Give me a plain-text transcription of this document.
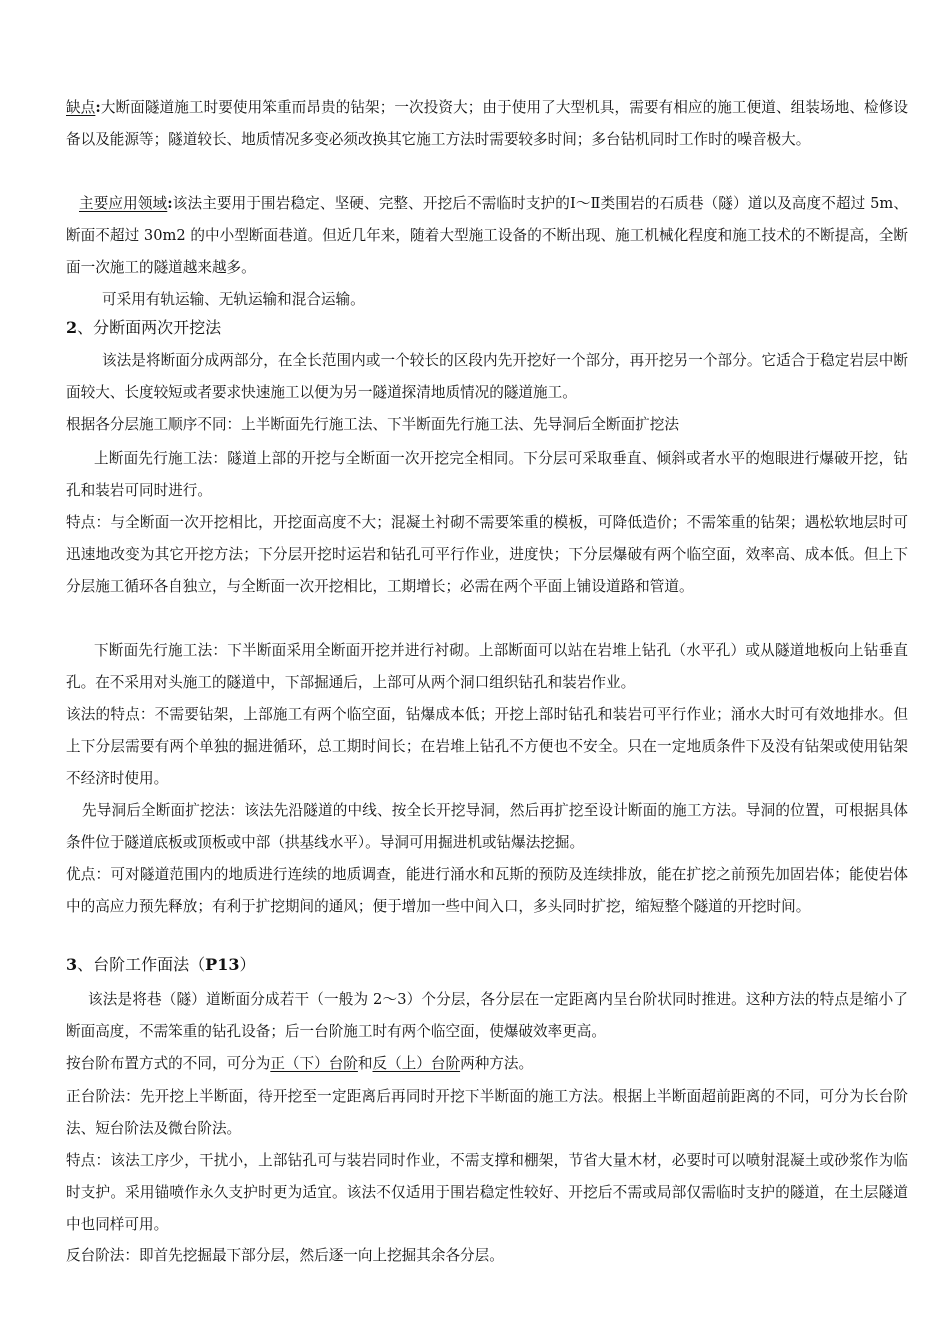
缺点:大断面隧道施工时要使用笨重而昂贵的钻架；一次投资大；由于使用了大型机具，需要有相应的施工便道、组装场地、检修设备以及能源等；隧道较长、地质情况多变必须改换其它施工方法时需要较多时间；多台钻机同时工作时的噪音极大。

主要应用领域:该法主要用于围岩稳定、坚硬、完整、开挖后不需临时支护的Ⅰ～Ⅱ类围岩的石质巷（隧）道以及高度不超过 5m、断面不超过 30m2 的中小型断面巷道。但近几年来，随着大型施工设备的不断出现、施工机械化程度和施工技术的不断提高，全断面一次施工的隧道越来越多。

可采用有轨运输、无轨运输和混合运输。

2、分断面两次开挖法

该法是将断面分成两部分，在全长范围内或一个较长的区段内先开挖好一个部分，再开挖另一个部分。它适合于稳定岩层中断面较大、长度较短或者要求快速施工以便为另一隧道探清地质情况的隧道施工。

根据各分层施工顺序不同：上半断面先行施工法、下半断面先行施工法、先导洞后全断面扩挖法

上断面先行施工法：隧道上部的开挖与全断面一次开挖完全相同。下分层可采取垂直、倾斜或者水平的炮眼进行爆破开挖，钻孔和装岩可同时进行。

特点：与全断面一次开挖相比，开挖面高度不大；混凝土衬砌不需要笨重的模板，可降低造价；不需笨重的钻架；遇松软地层时可迅速地改变为其它开挖方法；下分层开挖时运岩和钻孔可平行作业，进度快；下分层爆破有两个临空面，效率高、成本低。但上下分层施工循环各自独立，与全断面一次开挖相比，工期增长；必需在两个平面上铺设道路和管道。

下断面先行施工法：下半断面采用全断面开挖并进行衬砌。上部断面可以站在岩堆上钻孔（水平孔）或从隧道地板向上钻垂直孔。在不采用对头施工的隧道中，下部掘通后，上部可从两个洞口组织钻孔和装岩作业。

该法的特点：不需要钻架，上部施工有两个临空面，钻爆成本低；开挖上部时钻孔和装岩可平行作业；涌水大时可有效地排水。但上下分层需要有两个单独的掘进循环，总工期时间长；在岩堆上钻孔不方便也不安全。只在一定地质条件下及没有钻架或使用钻架不经济时使用。

先导洞后全断面扩挖法：该法先沿隧道的中线、按全长开挖导洞，然后再扩挖至设计断面的施工方法。导洞的位置，可根据具体条件位于隧道底板或顶板或中部（拱基线水平）。导洞可用掘进机或钻爆法挖掘。

优点：可对隧道范围内的地质进行连续的地质调查，能进行涌水和瓦斯的预防及连续排放，能在扩挖之前预先加固岩体；能使岩体中的高应力预先释放；有利于扩挖期间的通风；便于增加一些中间入口，多头同时扩挖，缩短整个隧道的开挖时间。

3、台阶工作面法（P13）

该法是将巷（隧）道断面分成若干（一般为 2～3）个分层，各分层在一定距离内呈台阶状同时推进。这种方法的特点是缩小了断面高度，不需笨重的钻孔设备；后一台阶施工时有两个临空面，使爆破效率更高。

按台阶布置方式的不同，可分为正（下）台阶和反（上）台阶两种方法。

正台阶法：先开挖上半断面，待开挖至一定距离后再同时开挖下半断面的施工方法。根据上半断面超前距离的不同，可分为长台阶法、短台阶法及微台阶法。

特点：该法工序少，干扰小，上部钻孔可与装岩同时作业，不需支撑和棚架，节省大量木材，必要时可以喷射混凝土或砂浆作为临时支护。采用锚喷作永久支护时更为适宜。该法不仅适用于围岩稳定性较好、开挖后不需或局部仅需临时支护的隧道，在土层隧道中也同样可用。

反台阶法：即首先挖掘最下部分层，然后逐一向上挖掘其余各分层。
